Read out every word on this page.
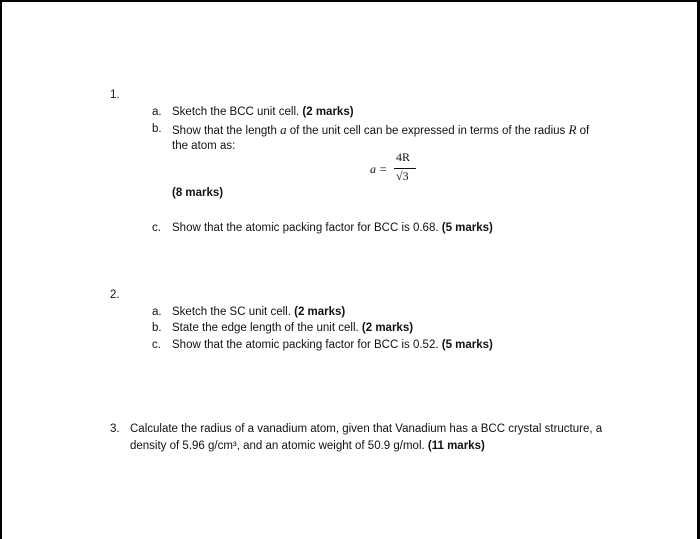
1.
a. Sketch the BCC unit cell. (2 marks)
b. Show that the length a of the unit cell can be expressed in terms of the radius R of
the atom as:
a =
4R
√3
(8 marks)
c. Show that the atomic packing factor for BCC is 0.68. (5 marks)
2.
a. Sketch the SC unit cell. (2 marks)
b. State the edge length of the unit cell. (2 marks)
c. Show that the atomic packing factor for BCC is 0.52. (5 marks)
3. Calculate the radius of a vanadium atom, given that Vanadium has a BCC crystal structure, a
density of 5.96 g/cm³, and an atomic weight of 50.9 g/mol. (11 marks)
